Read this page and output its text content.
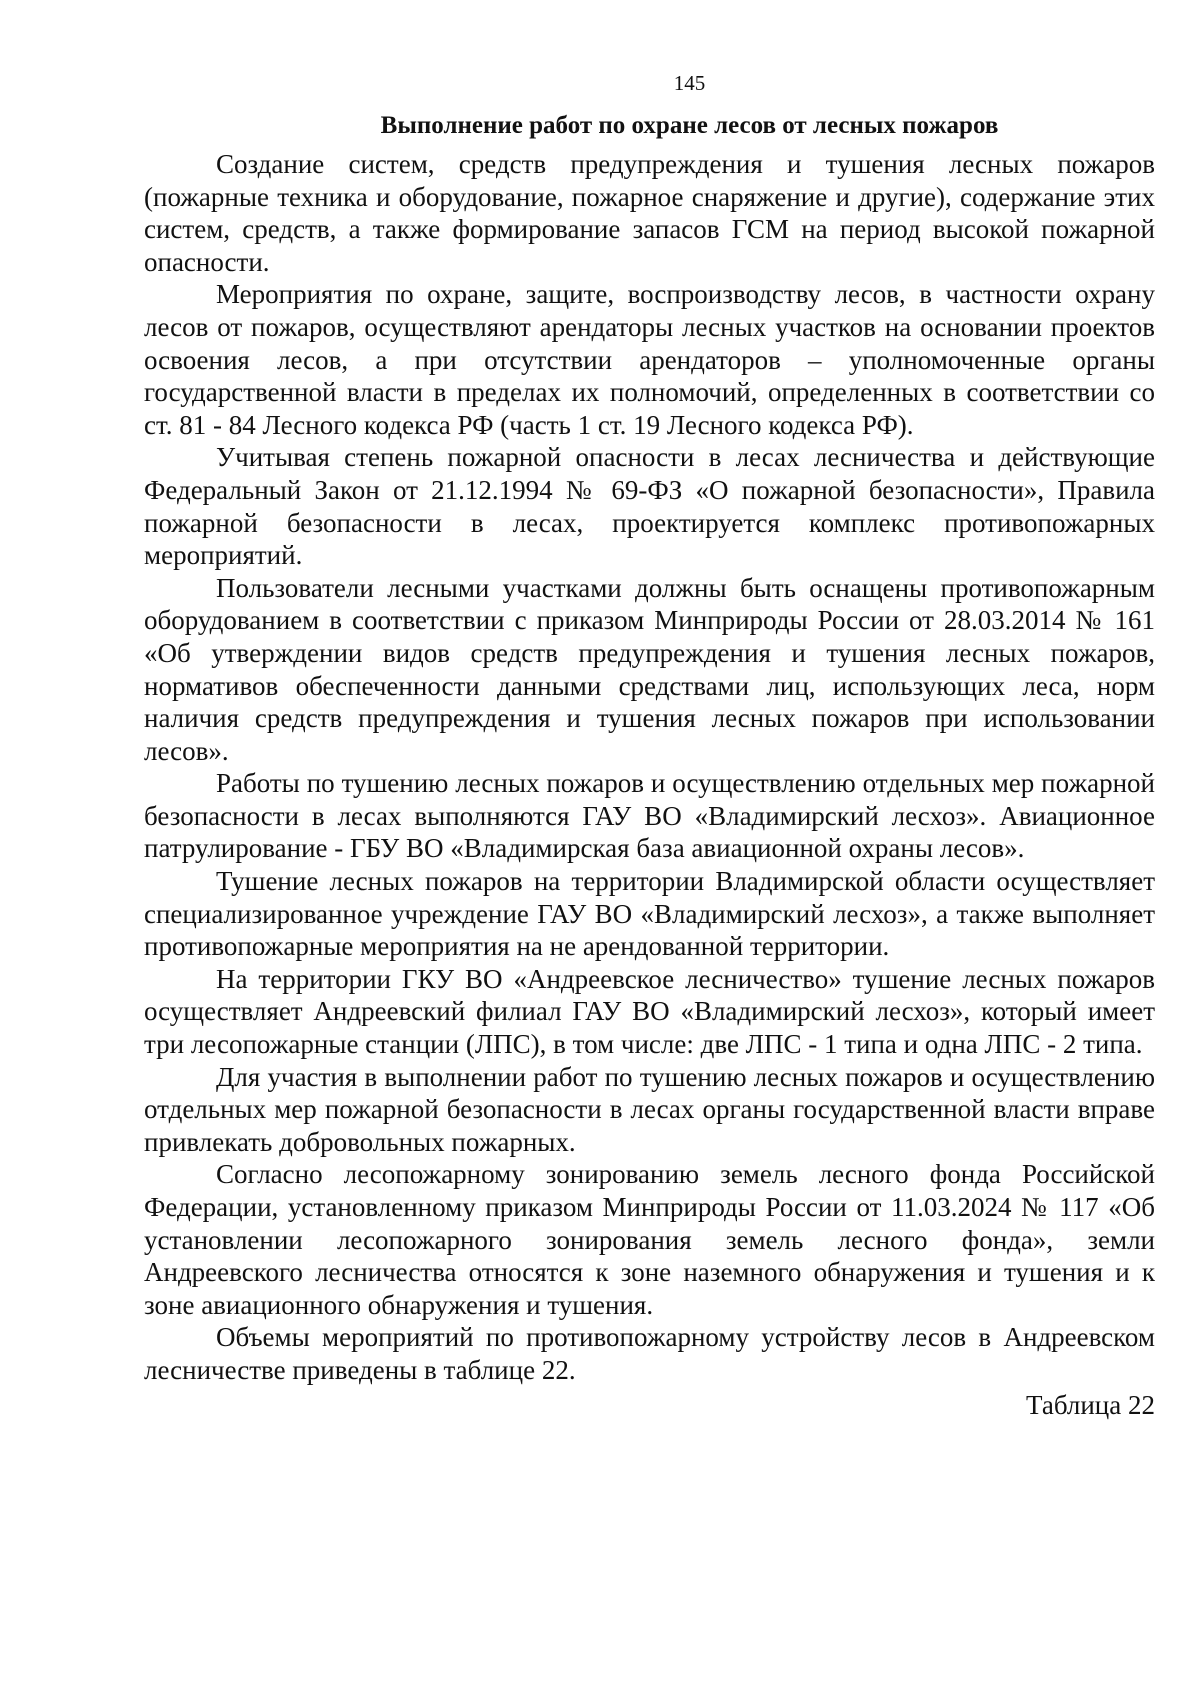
145
Выполнение работ по охране лесов от лесных пожаров

Создание систем, средств предупреждения и тушения лесных пожаров (пожарные техника и оборудование, пожарное снаряжение и другие), содержание этих систем, средств, а также формирование запасов ГСМ на период высокой пожарной опасности.

Мероприятия по охране, защите, воспроизводству лесов, в частности охрану лесов от пожаров, осуществляют арендаторы лесных участков на основании проектов освоения лесов, а при отсутствии арендаторов – уполномоченные органы государственной власти в пределах их полномочий, определенных в соответствии со ст. 81 - 84 Лесного кодекса РФ (часть 1 ст. 19 Лесного кодекса РФ).

Учитывая степень пожарной опасности в лесах лесничества и действующие Федеральный Закон от 21.12.1994 № 69-ФЗ «О пожарной безопасности», Правила пожарной безопасности в лесах, проектируется комплекс противопожарных мероприятий.

Пользователи лесными участками должны быть оснащены противопожарным оборудованием в соответствии с приказом Минприроды России от 28.03.2014 № 161 «Об утверждении видов средств предупреждения и тушения лесных пожаров, нормативов обеспеченности данными средствами лиц, использующих леса, норм наличия средств предупреждения и тушения лесных пожаров при использовании лесов».

Работы по тушению лесных пожаров и осуществлению отдельных мер пожарной безопасности в лесах выполняются ГАУ ВО «Владимирский лесхоз». Авиационное патрулирование - ГБУ ВО «Владимирская база авиационной охраны лесов».

Тушение лесных пожаров на территории Владимирской области осуществляет специализированное учреждение ГАУ ВО «Владимирский лесхоз», а также выполняет противопожарные мероприятия на не арендованной территории.

На территории ГКУ ВО «Андреевское лесничество» тушение лесных пожаров осуществляет Андреевский филиал ГАУ ВО «Владимирский лесхоз», который имеет три лесопожарные станции (ЛПС), в том числе: две ЛПС - 1 типа и одна ЛПС - 2 типа.

Для участия в выполнении работ по тушению лесных пожаров и осуществлению отдельных мер пожарной безопасности в лесах органы государственной власти вправе привлекать добровольных пожарных.

Согласно лесопожарному зонированию земель лесного фонда Российской Федерации, установленному приказом Минприроды России от 11.03.2024 № 117 «Об установлении лесопожарного зонирования земель лесного фонда», земли Андреевского лесничества относятся к зоне наземного обнаружения и тушения и к зоне авиационного обнаружения и тушения.

Объемы мероприятий по противопожарному устройству лесов в Андреевском лесничестве приведены в таблице 22.

Таблица 22
